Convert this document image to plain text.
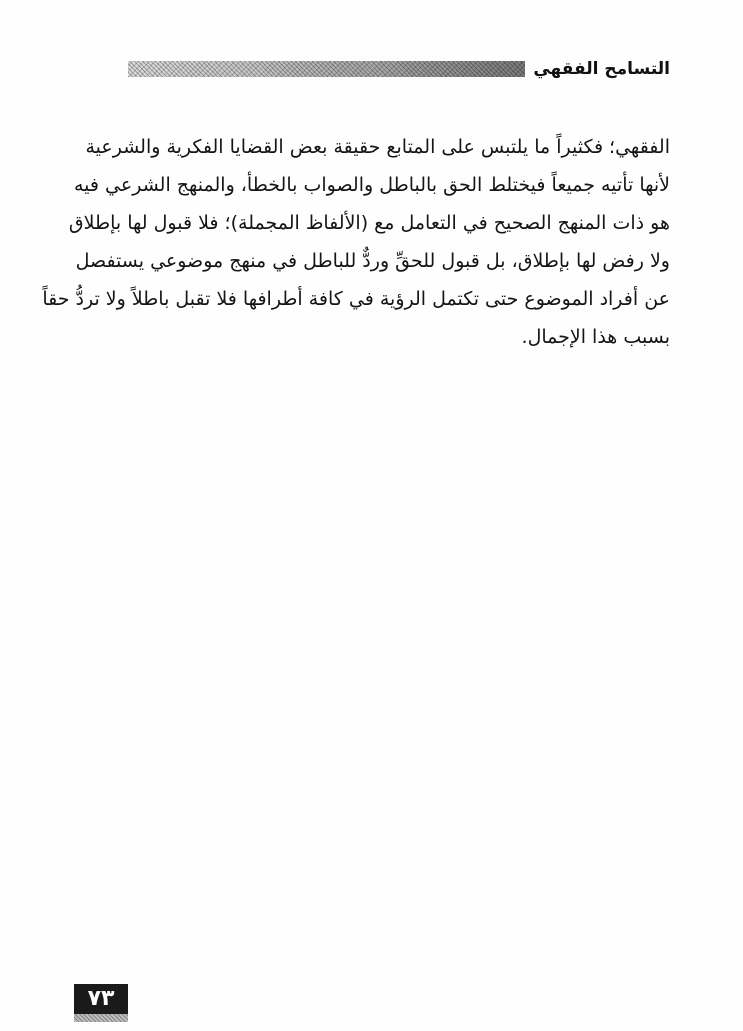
التسامح الفقهي
الفقهي؛ فكثيراً ما يلتبس على المتابع حقيقة بعض القضايا الفكرية والشرعية
لأنها تأتيه جميعاً فيختلط الحق بالباطل والصواب بالخطأ، والمنهج الشرعي فيه
هو ذات المنهج الصحيح في التعامل مع (الألفاظ المجملة)؛ فلا قبول لها بإطلاق
ولا رفض لها بإطلاق، بل قبول للحقِّ وردٌّ للباطل في منهج موضوعي يستفصل
عن أفراد الموضوع حتى تكتمل الرؤية في كافة أطرافها فلا تقبل باطلاً ولا تردُّ حقاً
بسبب هذا الإجمال.
٧٣
